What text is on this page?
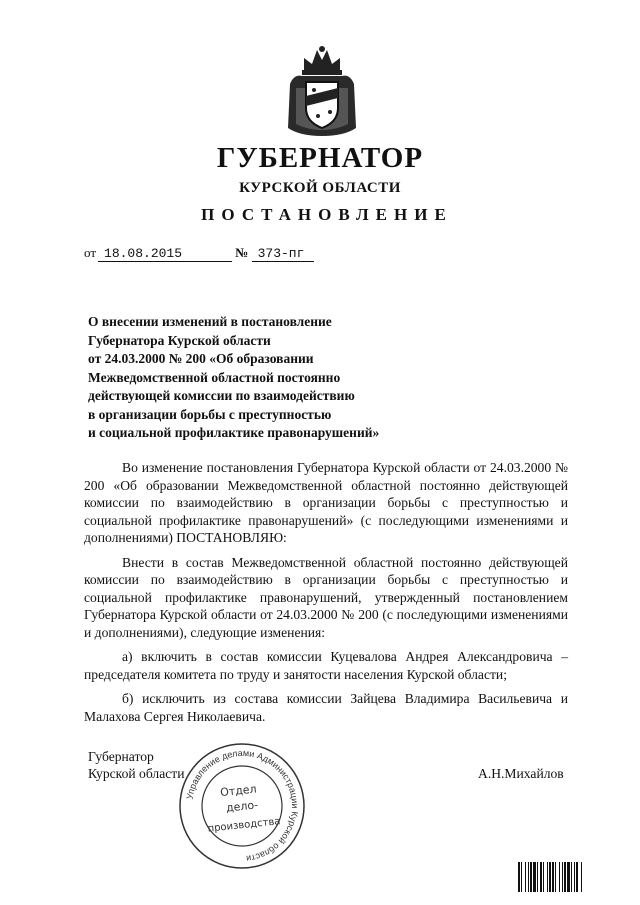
ГУБЕРНАТОР
КУРСКОЙ ОБЛАСТИ
ПОСТАНОВЛЕНИЕ
от 18.08.2015	№ 373-пг
О внесении изменений в постановление
Губернатора Курской области
от 24.03.2000 № 200 «Об образовании
Межведомственной областной постоянно
действующей комиссии по взаимодействию
в организации борьбы с преступностью
и социальной профилактике правонарушений»

Во изменение постановления Губернатора Курской области от 24.03.2000 № 200 «Об образовании Межведомственной областной постоянно действующей комиссии по взаимодействию в организации борьбы с преступностью и социальной профилактике правонарушений» (с последующими изменениями и дополнениями) ПОСТАНОВЛЯЮ:

Внести в состав Межведомственной областной постоянно действующей комиссии по взаимодействию в организации борьбы с преступностью и социальной профилактике правонарушений, утвержденный постановлением Губернатора Курской области от 24.03.2000 № 200 (с последующими изменениями и дополнениями), следующие изменения:

а) включить в состав комиссии Куцевалова Андрея Александровича – председателя комитета по труду и занятости населения Курской области;

б) исключить из состава комиссии Зайцева Владимира Васильевича и Малахова Сергея Николаевича.

Губернатор
Курской области
Управление делами Администрации Курской области
Отдел
дело-
производства
А.Н.Михайлов
